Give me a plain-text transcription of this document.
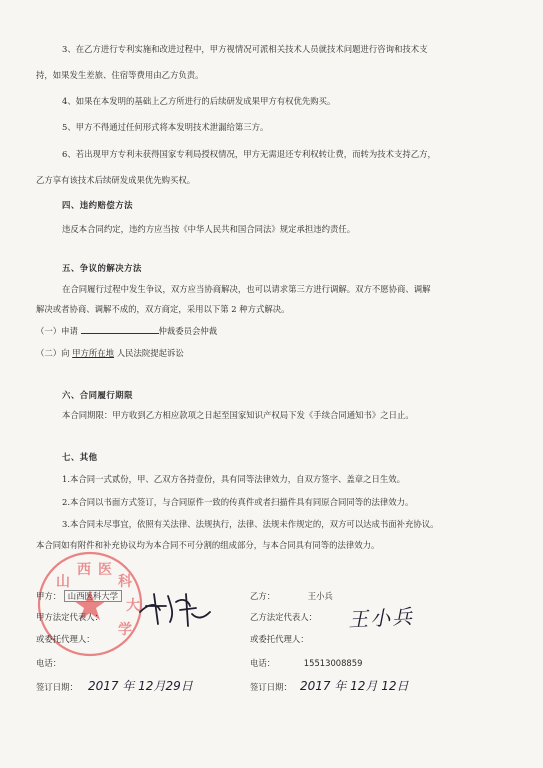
3、在乙方进行专利实施和改进过程中，甲方视情况可派相关技术人员就技术问题进行咨询和技术支
持，如果发生差旅、住宿等费用由乙方负责。
4、如果在本发明的基础上乙方所进行的后续研发成果甲方有权优先购买。
5、甲方不得通过任何形式将本发明技术泄漏给第三方。
6、若出现甲方专利未获得国家专利局授权情况，甲方无需退还专利权转让费，而转为技术支持乙方，
乙方享有该技术后续研发成果优先购买权。
四、违约赔偿方法
违反本合同约定，违约方应当按《中华人民共和国合同法》规定承担违约责任。
五、争议的解决方法
在合同履行过程中发生争议，双方应当协商解决，也可以请求第三方进行调解。双方不愿协商、调解
解决或者协商、调解不成的，双方商定，采用以下第 2 种方式解决。
（一）申请	仲裁委员会仲裁
（二）向 甲方所在地 人民法院提起诉讼
六、合同履行期限
本合同期限：甲方收到乙方相应款项之日起至国家知识产权局下发《手续合同通知书》之日止。
七、其他
1.本合同一式贰份，甲、乙双方各持壹份，具有同等法律效力，自双方签字、盖章之日生效。
2.本合同以书面方式签订，与合同原件一致的传真件或者扫描件具有同原合同同等的法律效力。
3.本合同未尽事宜，依照有关法律、法规执行，法律、法规未作规定的，双方可以达成书面补充协议。
本合同如有附件和补充协议均为本合同不可分割的组成部分，与本合同具有同等的法律效力。
山
西 医
科
大
学
甲方： 山西医科大学
甲方法定代表人：
或委托代理人：
电话：
签订日期： 2017 年 12月29日
乙方：	王小兵
乙方法定代表人：
或委托代理人：
电话：	15513008859
签订日期： 2017 年 12月 12日
王小兵
